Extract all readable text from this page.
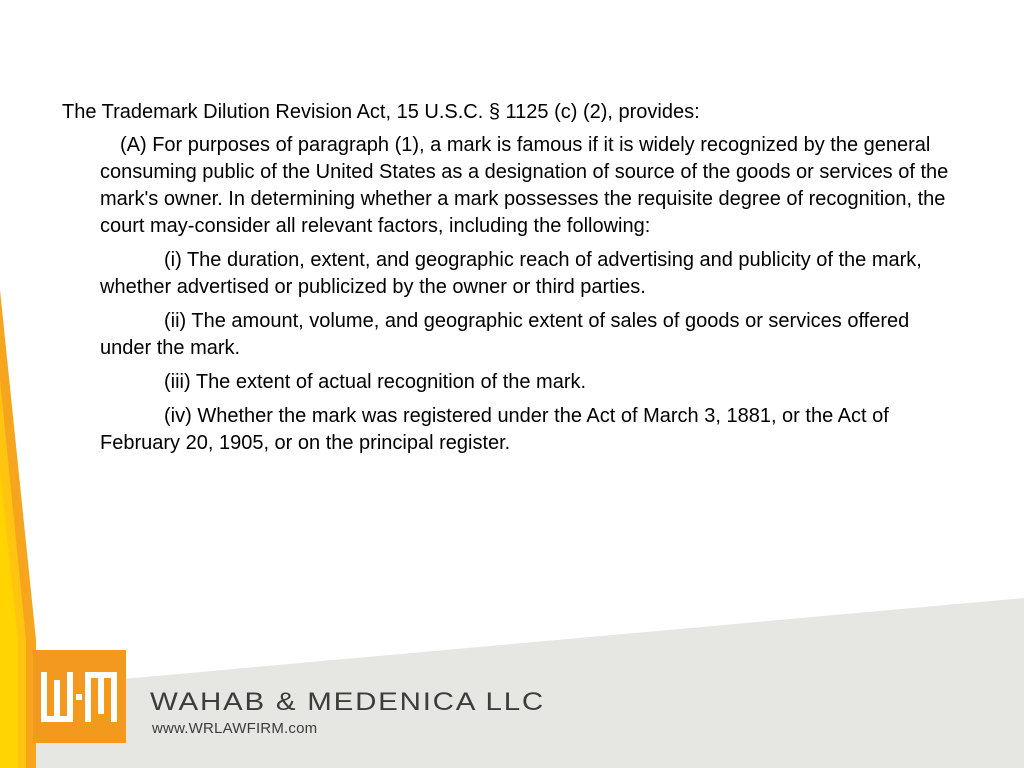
The Trademark Dilution Revision Act, 15 U.S.C. § 1125 (c) (2), provides:

(A) For purposes of paragraph (1), a mark is famous if it is widely recognized by the general consuming public of the United States as a designation of source of the goods or services of the mark's owner. In determining whether a mark possesses the requisite degree of recognition, the court may-consider all relevant factors, including the following:

(i) The duration, extent, and geographic reach of advertising and publicity of the mark, whether advertised or publicized by the owner or third parties.

(ii) The amount, volume, and geographic extent of sales of goods or services offered under the mark.

(iii) The extent of actual recognition of the mark.

(iv) Whether the mark was registered under the Act of March 3, 1881, or the Act of February 20, 1905, or on the principal register.

WAHAB & MEDENICA LLC
www.WRLAWFIRM.com
